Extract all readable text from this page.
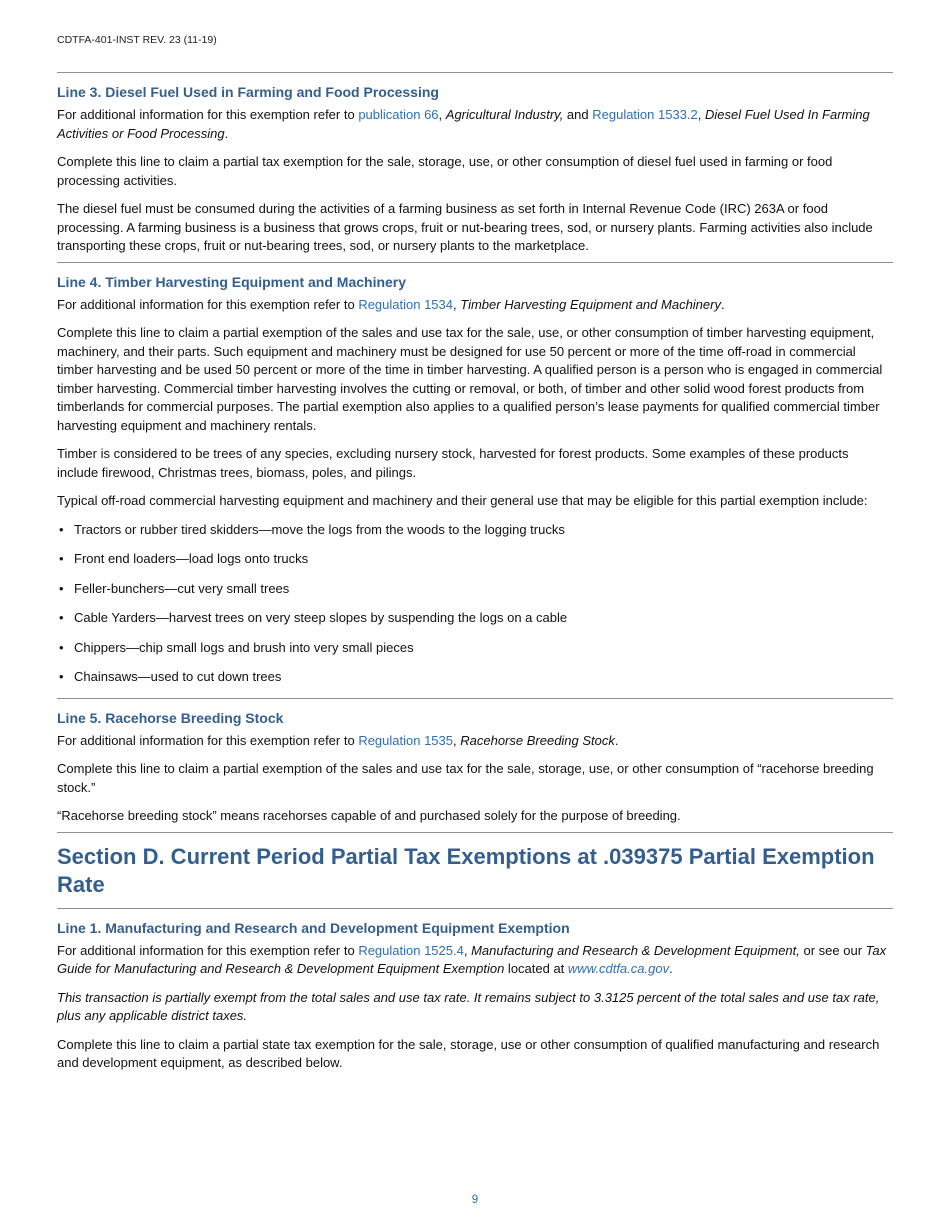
CDTFA-401-INST REV. 23 (11-19)
Line 3. Diesel Fuel Used in Farming and Food Processing

For additional information for this exemption refer to publication 66, Agricultural Industry, and Regulation 1533.2, Diesel Fuel Used In Farming Activities or Food Processing.

Complete this line to claim a partial tax exemption for the sale, storage, use, or other consumption of diesel fuel used in farming or food processing activities.

The diesel fuel must be consumed during the activities of a farming business as set forth in Internal Revenue Code (IRC) 263A or food processing. A farming business is a business that grows crops, fruit or nut-bearing trees, sod, or nursery plants. Farming activities also include transporting these crops, fruit or nut-bearing trees, sod, or nursery plants to the marketplace.

Line 4. Timber Harvesting Equipment and Machinery

For additional information for this exemption refer to Regulation 1534, Timber Harvesting Equipment and Machinery.

Complete this line to claim a partial exemption of the sales and use tax for the sale, use, or other consumption of timber harvesting equipment, machinery, and their parts. Such equipment and machinery must be designed for use 50 percent or more of the time off-road in commercial timber harvesting and be used 50 percent or more of the time in timber harvesting. A qualified person is a person who is engaged in commercial timber harvesting. Commercial timber harvesting involves the cutting or removal, or both, of timber and other solid wood forest products from timberlands for commercial purposes. The partial exemption also applies to a qualified person’s lease payments for qualified commercial timber harvesting equipment and machinery rentals.

Timber is considered to be trees of any species, excluding nursery stock, harvested for forest products. Some examples of these products include firewood, Christmas trees, biomass, poles, and pilings.

Typical off-road commercial harvesting equipment and machinery and their general use that may be eligible for this partial exemption include:

• Tractors or rubber tired skidders—move the logs from the woods to the logging trucks
• Front end loaders—load logs onto trucks
• Feller-bunchers—cut very small trees
• Cable Yarders—harvest trees on very steep slopes by suspending the logs on a cable
• Chippers—chip small logs and brush into very small pieces
• Chainsaws—used to cut down trees
Line 5. Racehorse Breeding Stock

For additional information for this exemption refer to Regulation 1535, Racehorse Breeding Stock.

Complete this line to claim a partial exemption of the sales and use tax for the sale, storage, use, or other consumption of “racehorse breeding stock.”

“Racehorse breeding stock” means racehorses capable of and purchased solely for the purpose of breeding.

Section D. Current Period Partial Tax Exemptions at .039375 Partial Exemption Rate
Line 1. Manufacturing and Research and Development Equipment Exemption

For additional information for this exemption refer to Regulation 1525.4, Manufacturing and Research & Development Equipment, or see our Tax Guide for Manufacturing and Research & Development Equipment Exemption located at www.cdtfa.ca.gov.

This transaction is partially exempt from the total sales and use tax rate. It remains subject to 3.3125 percent of the total sales and use tax rate, plus any applicable district taxes.

Complete this line to claim a partial state tax exemption for the sale, storage, use or other consumption of qualified manufacturing and research and development equipment, as described below.

9
